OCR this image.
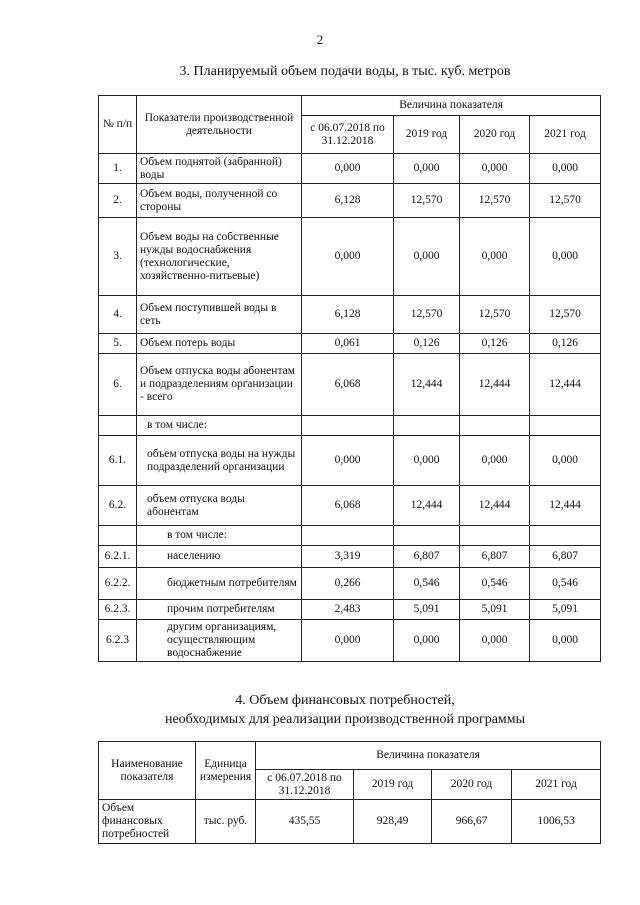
2
3. Планируемый объем подачи воды, в тыс. куб. метров
№ п/п	Показатели производственной деятельности	Величина показателя			
		с 06.07.2018 по 31.12.2018	2019 год	2020 год	2021 год
1.	Объем поднятой (забранной) воды	0,000	0,000	0,000	0,000
2.	Объем воды, полученной со стороны	6,128	12,570	12,570	12,570
3.	Объем воды на собственные нужды водоснабжения (технологические, хозяйственно-питьевые)	0,000	0,000	0,000	0,000
4.	Объем поступившей воды в сеть	6,128	12,570	12,570	12,570
5.	Объем потерь воды	0,061	0,126	0,126	0,126
6.	Объем отпуска воды абонентам и подразделениям организации - всего	6,068	12,444	12,444	12,444
	в том числе:				
6.1.	объем отпуска воды на нужды подразделений организации	0,000	0,000	0,000	0,000
6.2.	объем отпуска воды абонентам	6,068	12,444	12,444	12,444
	в том числе:				
6.2.1.	населению	3,319	6,807	6,807	6,807
6.2.2.	бюджетным потребителям	0,266	0,546	0,546	0,546
6.2.3.	прочим потребителям	2,483	5,091	5,091	5,091
6.2.3	другим организациям, осуществляющим водоснабжение	0,000	0,000	0,000	0,000
4. Объем финансовых потребностей,
необходимых для реализации производственной программы
Наименование показателя	Единица измерения	Величина показателя			
		с 06.07.2018 по 31.12.2018	2019 год	2020 год	2021 год
Объем финансовых потребностей	тыс. руб.	435,55	928,49	966,67	1006,53
